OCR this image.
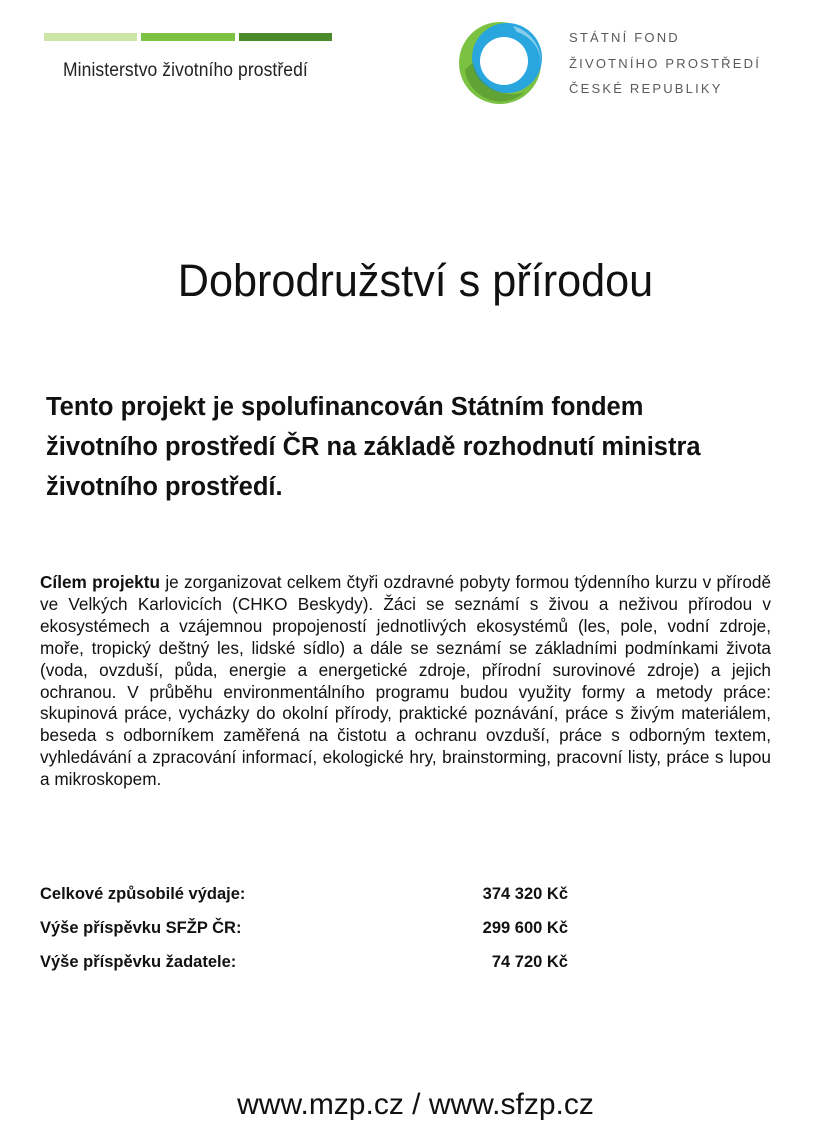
Ministerstvo životního prostředí
STÁTNÍ FOND
ŽIVOTNÍHO PROSTŘEDÍ
ČESKÉ REPUBLIKY
Dobrodružství s přírodou
Tento projekt je spolufinancován Státním fondem životního prostředí ČR na základě rozhodnutí ministra životního prostředí.
Cílem projektu je zorganizovat celkem čtyři ozdravné pobyty formou týdenního kurzu v přírodě ve Velkých Karlovicích (CHKO Beskydy). Žáci se seznámí s živou a neživou přírodou v ekosystémech a vzájemnou propojeností jednotlivých ekosystémů (les, pole, vodní zdroje, moře, tropický deštný les, lidské sídlo) a dále se seznámí se základními podmínkami života (voda, ovzduší, půda, energie a energetické zdroje, přírodní surovinové zdroje) a jejich ochranou. V průběhu environmentálního programu budou využity formy a metody práce: skupinová práce, vycházky do okolní přírody, praktické poznávání, práce s živým materiálem, beseda s odborníkem zaměřená na čistotu a ochranu ovzduší, práce s odborným textem, vyhledávání a zpracování informací, ekologické hry, brainstorming, pracovní listy, práce s lupou a mikroskopem.
Celkové způsobilé výdaje:	374 320 Kč
Výše příspěvku SFŽP ČR:	299 600 Kč
Výše příspěvku žadatele:	74 720 Kč
www.mzp.cz / www.sfzp.cz
